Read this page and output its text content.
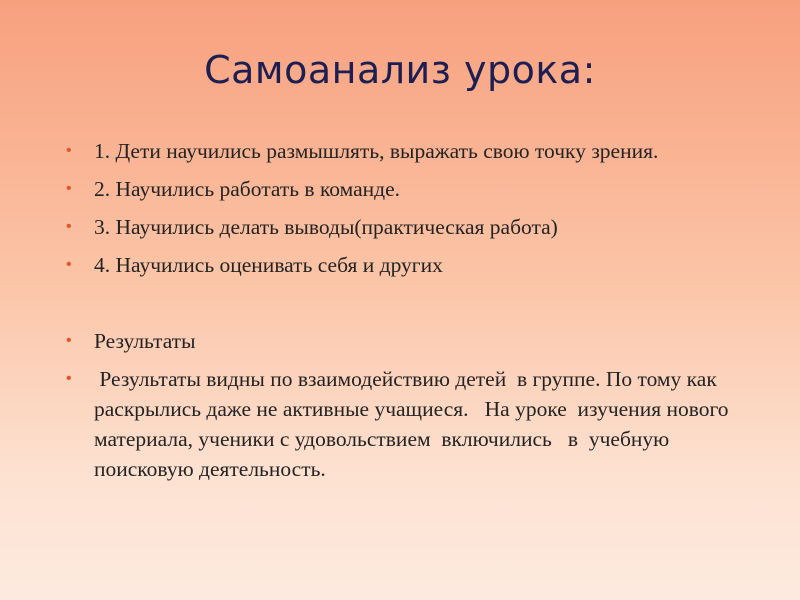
Самоанализ урока:
• 1. Дети научились размышлять, выражать свою точку зрения.
• 2. Научились работать в команде.
• 3. Научились делать выводы(практическая работа)
• 4. Научились оценивать себя и других
• Результаты
• Результаты видны по взаимодействию детей  в группе. По тому как раскрылись даже не активные учащиеся.   На уроке  изучения нового материала, ученики с удовольствием  включились   в  учебную поисковую деятельность.
